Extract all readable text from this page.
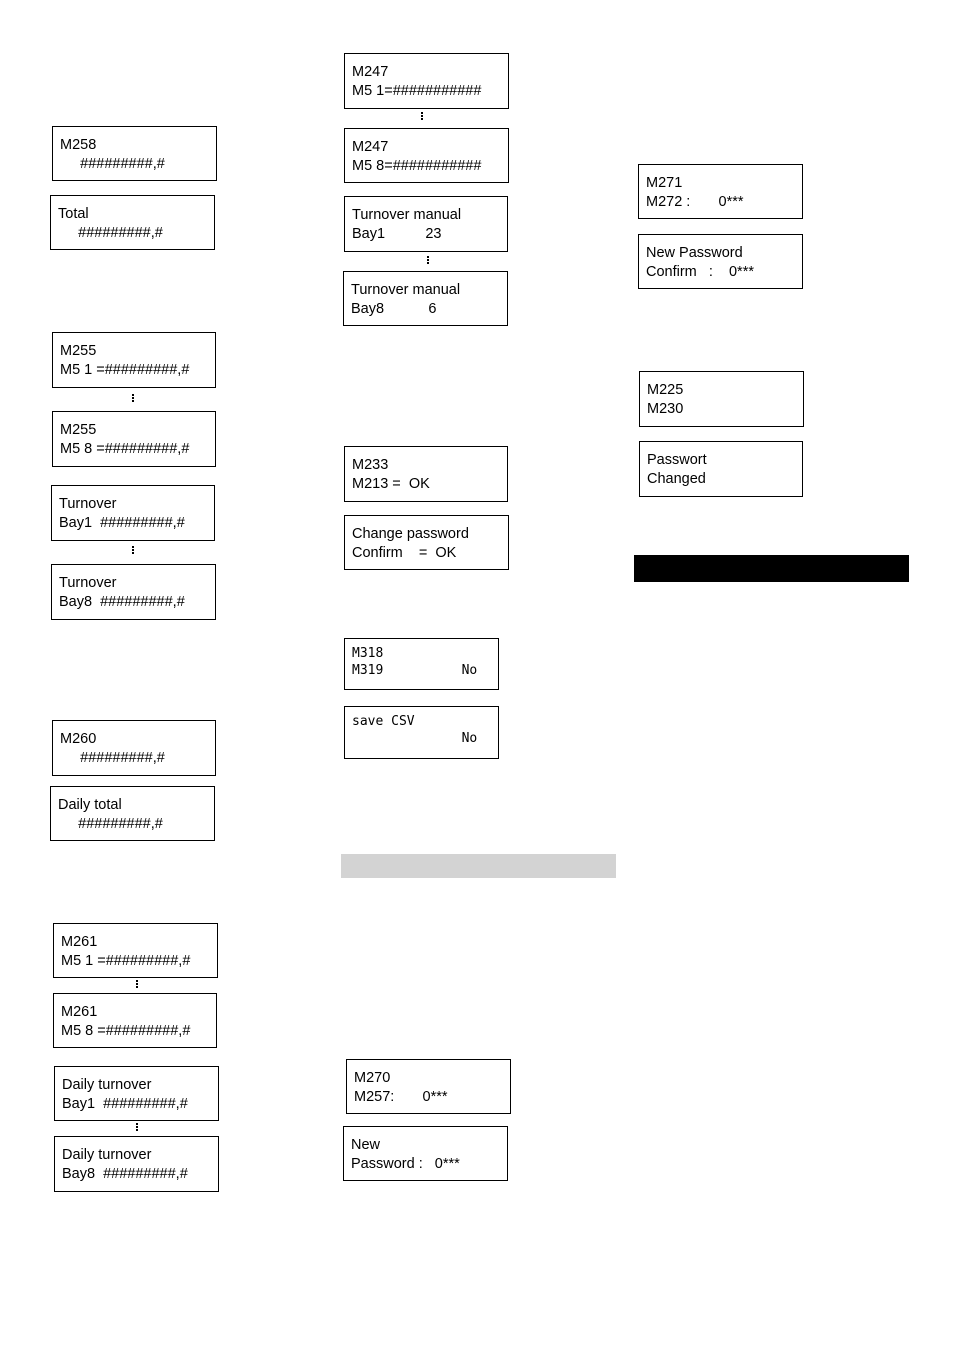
M258
#########,#
Total
#########,#
M255
M5 1 =#########,#
M255
M5 8 =#########,#
Turnover
Bay1  #########,#
Turnover
Bay8  #########,#
M260
#########,#
Daily total
#########,#
M261
M5 1 =#########,#
M261
M5 8 =#########,#
Daily turnover
Bay1  #########,#
Daily turnover
Bay8  #########,#
M247
M5 1=###########
M247
M5 8=###########
Turnover manual
Bay1          23
Turnover manual
Bay8           6
M233
M213 =  OK
Change password
Confirm    =  OK
M318
M319          No
save CSV
No
M270
M257:       0***
New
Password :   0***
M271
M272 :       0***
New Password
Confirm   :    0***
M225
M230
Passwort
Changed
